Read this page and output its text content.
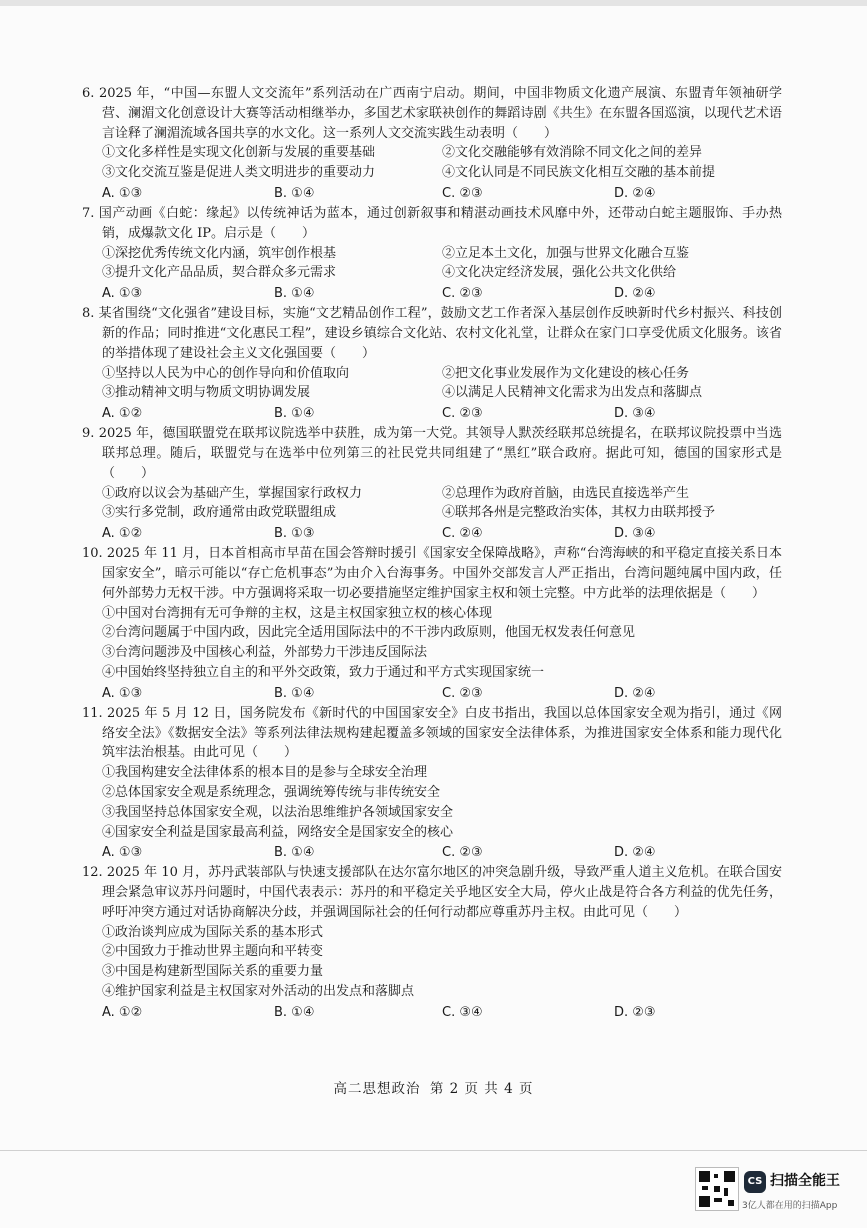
6. 2025 年，“中国—东盟人文交流年”系列活动在广西南宁启动。期间，中国非物质文化遗产展演、东盟青年领袖研学营、澜湄文化创意设计大赛等活动相继举办，多国艺术家联袂创作的舞蹈诗剧《共生》在东盟各国巡演，以现代艺术语言诠释了澜湄流域各国共享的水文化。这一系列人文交流实践生动表明（　　）

①文化多样性是实现文化创新与发展的重要基础	②文化交融能够有效消除不同文化之间的差异
③文化交流互鉴是促进人类文明进步的重要动力	④文化认同是不同民族文化相互交融的基本前提
A. ①③	B. ①④	C. ②③	D. ②④

7. 国产动画《白蛇：缘起》以传统神话为蓝本，通过创新叙事和精湛动画技术风靡中外，还带动白蛇主题服饰、手办热销，成爆款文化 IP。启示是（　　）

①深挖优秀传统文化内涵，筑牢创作根基	②立足本土文化，加强与世界文化融合互鉴
③提升文化产品品质，契合群众多元需求	④文化决定经济发展，强化公共文化供给
A. ①③	B. ①④	C. ②③	D. ②④

8. 某省围绕“文化强省”建设目标，实施“文艺精品创作工程”，鼓励文艺工作者深入基层创作反映新时代乡村振兴、科技创新的作品；同时推进“文化惠民工程”，建设乡镇综合文化站、农村文化礼堂，让群众在家门口享受优质文化服务。该省的举措体现了建设社会主义文化强国要（　　）

①坚持以人民为中心的创作导向和价值取向	②把文化事业发展作为文化建设的核心任务
③推动精神文明与物质文明协调发展	④以满足人民精神文化需求为出发点和落脚点
A. ①②	B. ①④	C. ②③	D. ③④

9. 2025 年，德国联盟党在联邦议院选举中获胜，成为第一大党。其领导人默茨经联邦总统提名，在联邦议院投票中当选联邦总理。随后，联盟党与在选举中位列第三的社民党共同组建了“黑红”联合政府。据此可知，德国的国家形式是（　　）

①政府以议会为基础产生，掌握国家行政权力	②总理作为政府首脑，由选民直接选举产生
③实行多党制，政府通常由政党联盟组成	④联邦各州是完整政治实体，其权力由联邦授予
A. ①②	B. ①③	C. ②④	D. ③④

10. 2025 年 11 月，日本首相高市早苗在国会答辩时援引《国家安全保障战略》，声称“台湾海峡的和平稳定直接关系日本国家安全”，暗示可能以“存亡危机事态”为由介入台海事务。中国外交部发言人严正指出，台湾问题纯属中国内政，任何外部势力无权干涉。中方强调将采取一切必要措施坚定维护国家主权和领土完整。中方此举的法理依据是（　　）

①中国对台湾拥有无可争辩的主权，这是主权国家独立权的核心体现
②台湾问题属于中国内政，因此完全适用国际法中的不干涉内政原则，他国无权发表任何意见
③台湾问题涉及中国核心利益，外部势力干涉违反国际法
④中国始终坚持独立自主的和平外交政策，致力于通过和平方式实现国家统一
A. ①③	B. ①④	C. ②③	D. ②④

11. 2025 年 5 月 12 日，国务院发布《新时代的中国国家安全》白皮书指出，我国以总体国家安全观为指引，通过《网络安全法》《数据安全法》等系列法律法规构建起覆盖多领域的国家安全法律体系，为推进国家安全体系和能力现代化筑牢法治根基。由此可见（　　）

①我国构建安全法律体系的根本目的是参与全球安全治理
②总体国家安全观是系统理念，强调统筹传统与非传统安全
③我国坚持总体国家安全观，以法治思维维护各领域国家安全
④国家安全利益是国家最高利益，网络安全是国家安全的核心
A. ①③	B. ①④	C. ②③	D. ②④

12. 2025 年 10 月，苏丹武装部队与快速支援部队在达尔富尔地区的冲突急剧升级，导致严重人道主义危机。在联合国安理会紧急审议苏丹问题时，中国代表表示：苏丹的和平稳定关乎地区安全大局，停火止战是符合各方利益的优先任务，呼吁冲突方通过对话协商解决分歧，并强调国际社会的任何行动都应尊重苏丹主权。由此可见（　　）

①政治谈判应成为国际关系的基本形式
②中国致力于推动世界主题向和平转变
③中国是构建新型国际关系的重要力量
④维护国家利益是主权国家对外活动的出发点和落脚点
A. ①②	B. ①④	C. ③④	D. ②③
高二思想政治 第 2 页 共 4 页
CS 扫描全能王
3亿人都在用的扫描App
